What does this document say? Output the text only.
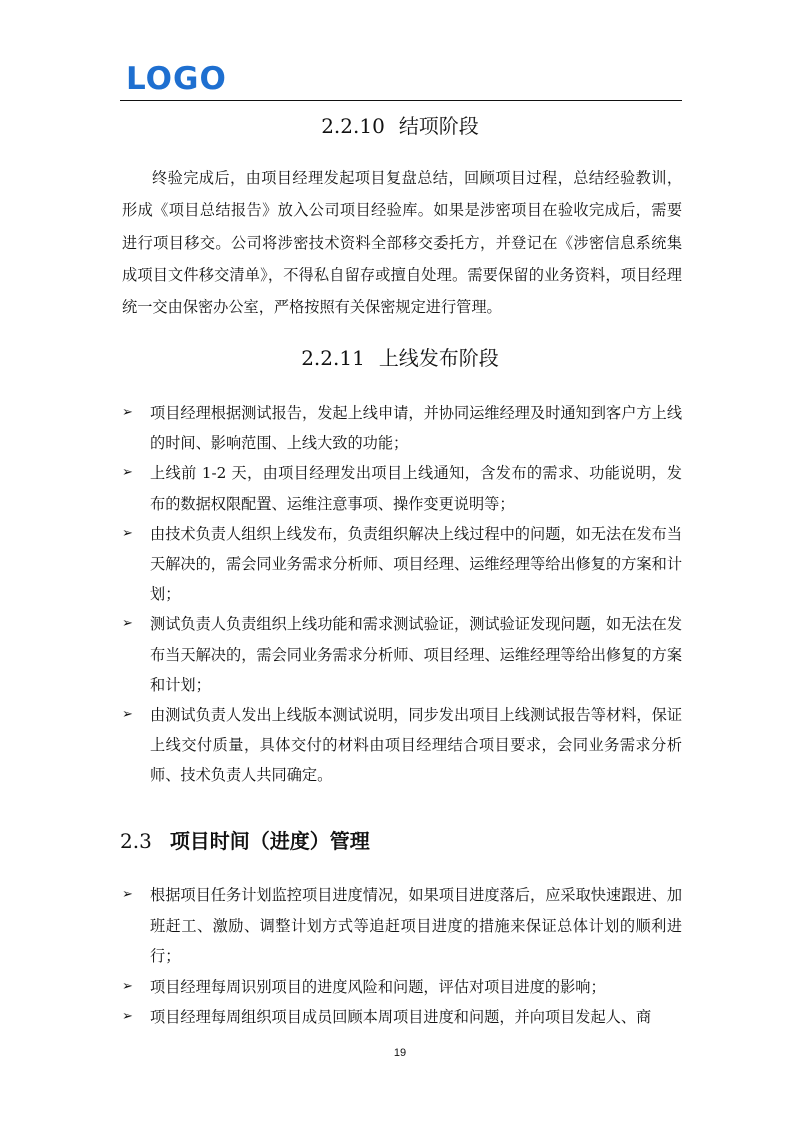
LOGO
2.2.10 结项阶段
终验完成后，由项目经理发起项目复盘总结，回顾项目过程，总结经验教训，形成《项目总结报告》放入公司项目经验库。如果是涉密项目在验收完成后，需要进行项目移交。公司将涉密技术资料全部移交委托方，并登记在《涉密信息系统集成项目文件移交清单》，不得私自留存或擅自处理。需要保留的业务资料，项目经理统一交由保密办公室，严格按照有关保密规定进行管理。
2.2.11 上线发布阶段
➢ 项目经理根据测试报告，发起上线申请，并协同运维经理及时通知到客户方上线的时间、影响范围、上线大致的功能；
➢ 上线前 1-2 天，由项目经理发出项目上线通知，含发布的需求、功能说明，发布的数据权限配置、运维注意事项、操作变更说明等；
➢ 由技术负责人组织上线发布，负责组织解决上线过程中的问题，如无法在发布当天解决的，需会同业务需求分析师、项目经理、运维经理等给出修复的方案和计划；
➢ 测试负责人负责组织上线功能和需求测试验证，测试验证发现问题，如无法在发布当天解决的，需会同业务需求分析师、项目经理、运维经理等给出修复的方案和计划；
➢ 由测试负责人发出上线版本测试说明，同步发出项目上线测试报告等材料，保证上线交付质量，具体交付的材料由项目经理结合项目要求，会同业务需求分析师、技术负责人共同确定。
2.3 项目时间（进度）管理
➢ 根据项目任务计划监控项目进度情况，如果项目进度落后，应采取快速跟进、加班赶工、激励、调整计划方式等追赶项目进度的措施来保证总体计划的顺利进行；
➢ 项目经理每周识别项目的进度风险和问题，评估对项目进度的影响；
➢ 项目经理每周组织项目成员回顾本周项目进度和问题，并向项目发起人、商
19
